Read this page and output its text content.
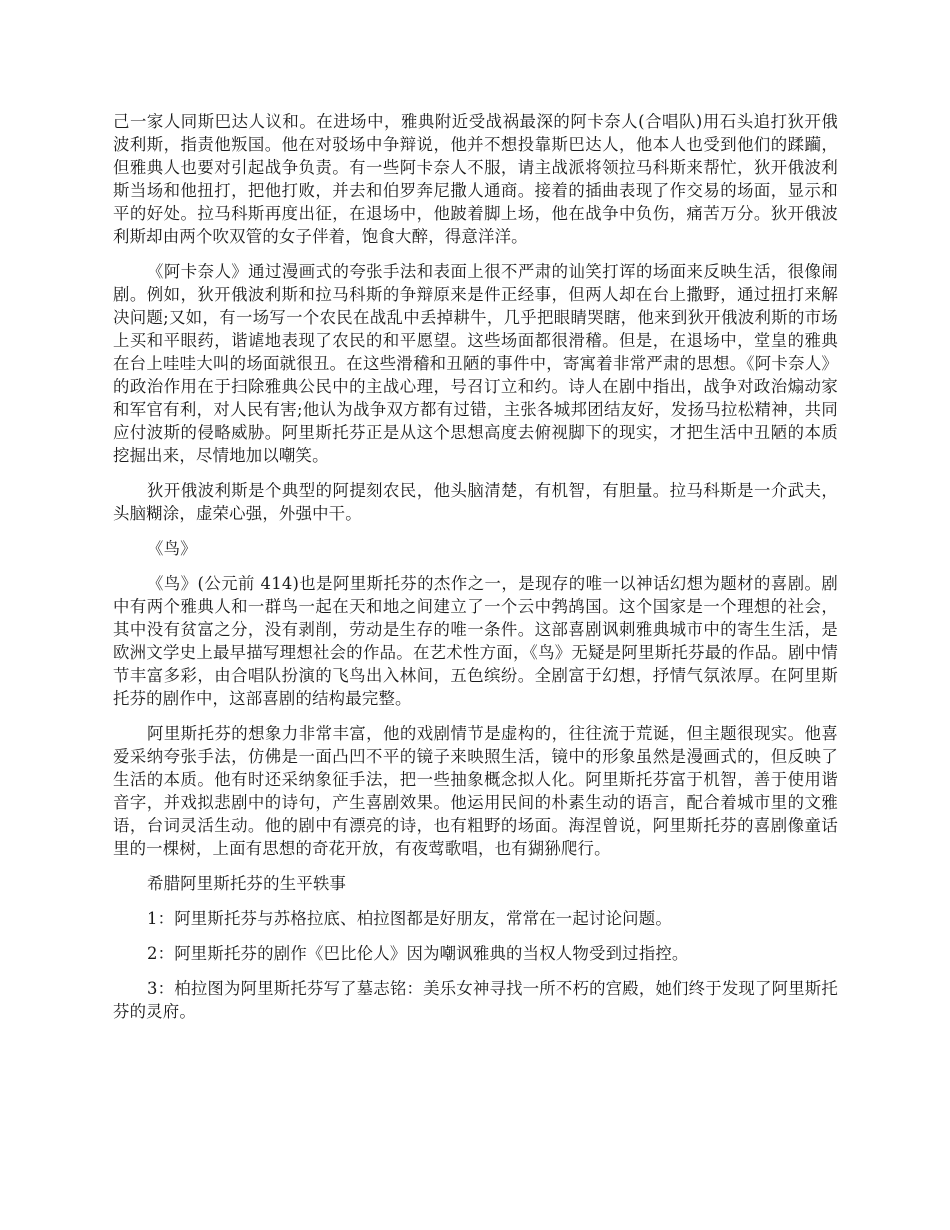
己一家人同斯巴达人议和。在进场中，雅典附近受战祸最深的阿卡奈人(合唱队)用石头追打狄开俄波利斯，指责他叛国。他在对驳场中争辩说，他并不想投靠斯巴达人，他本人也受到他们的蹂躏，但雅典人也要对引起战争负责。有一些阿卡奈人不服，请主战派将领拉马科斯来帮忙，狄开俄波利斯当场和他扭打，把他打败，并去和伯罗奔尼撒人通商。接着的插曲表现了作交易的场面，显示和平的好处。拉马科斯再度出征，在退场中，他跛着脚上场，他在战争中负伤，痛苦万分。狄开俄波利斯却由两个吹双管的女子伴着，饱食大醉，得意洋洋。

《阿卡奈人》通过漫画式的夸张手法和表面上很不严肃的讪笑打诨的场面来反映生活，很像闹剧。例如，狄开俄波利斯和拉马科斯的争辩原来是件正经事，但两人却在台上撒野，通过扭打来解决问题;又如，有一场写一个农民在战乱中丢掉耕牛，几乎把眼睛哭瞎，他来到狄开俄波利斯的市场上买和平眼药，谐谑地表现了农民的和平愿望。这些场面都很滑稽。但是，在退场中，堂皇的雅典在台上哇哇大叫的场面就很丑。在这些滑稽和丑陋的事件中，寄寓着非常严肃的思想。《阿卡奈人》的政治作用在于扫除雅典公民中的主战心理，号召订立和约。诗人在剧中指出，战争对政治煽动家和军官有利，对人民有害;他认为战争双方都有过错，主张各城邦团结友好，发扬马拉松精神，共同应付波斯的侵略威胁。阿里斯托芬正是从这个思想高度去俯视脚下的现实，才把生活中丑陋的本质挖掘出来，尽情地加以嘲笑。

狄开俄波利斯是个典型的阿提刻农民，他头脑清楚，有机智，有胆量。拉马科斯是一介武夫，头脑糊涂，虚荣心强，外强中干。

《鸟》

《鸟》(公元前 414)也是阿里斯托芬的杰作之一，是现存的唯一以神话幻想为题材的喜剧。剧中有两个雅典人和一群鸟一起在天和地之间建立了一个云中鹁鸪国。这个国家是一个理想的社会，其中没有贫富之分，没有剥削，劳动是生存的唯一条件。这部喜剧讽刺雅典城市中的寄生生活，是欧洲文学史上最早描写理想社会的作品。在艺术性方面，《鸟》无疑是阿里斯托芬最的作品。剧中情节丰富多彩，由合唱队扮演的飞鸟出入林间，五色缤纷。全剧富于幻想，抒情气氛浓厚。在阿里斯托芬的剧作中，这部喜剧的结构最完整。

阿里斯托芬的想象力非常丰富，他的戏剧情节是虚构的，往往流于荒诞，但主题很现实。他喜爱采纳夸张手法，仿佛是一面凸凹不平的镜子来映照生活，镜中的形象虽然是漫画式的，但反映了生活的本质。他有时还采纳象征手法，把一些抽象概念拟人化。阿里斯托芬富于机智，善于使用谐音字，并戏拟悲剧中的诗句，产生喜剧效果。他运用民间的朴素生动的语言，配合着城市里的文雅语，台词灵活生动。他的剧中有漂亮的诗，也有粗野的场面。海涅曾说，阿里斯托芬的喜剧像童话里的一棵树，上面有思想的奇花开放，有夜莺歌唱，也有猢狲爬行。

希腊阿里斯托芬的生平轶事

1：阿里斯托芬与苏格拉底、柏拉图都是好朋友，常常在一起讨论问题。

2：阿里斯托芬的剧作《巴比伦人》因为嘲讽雅典的当权人物受到过指控。

3：柏拉图为阿里斯托芬写了墓志铭：美乐女神寻找一所不朽的宫殿，她们终于发现了阿里斯托芬的灵府。
